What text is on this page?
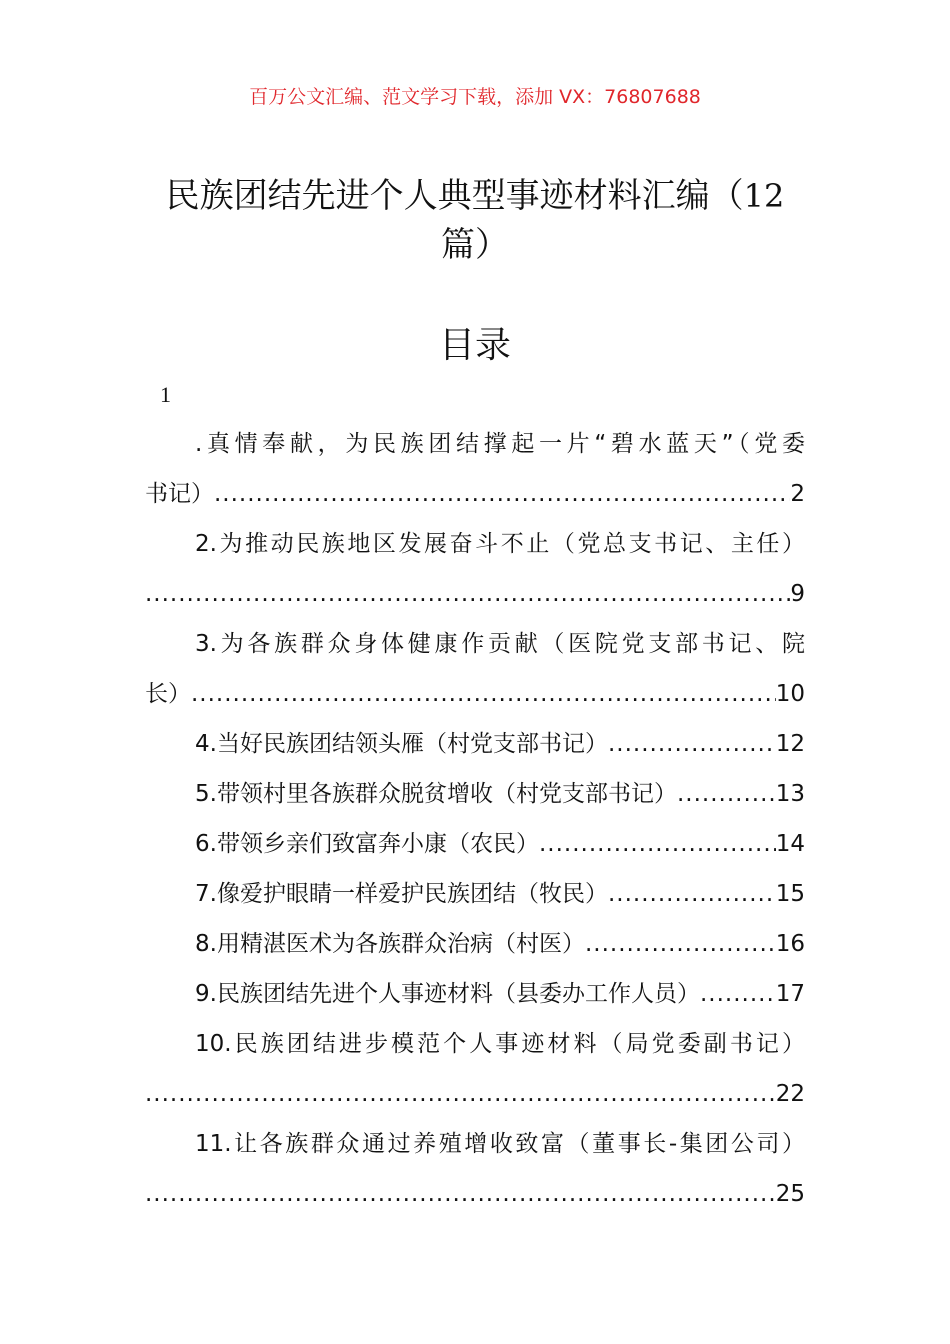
百万公文汇编、范文学习下载，添加 VX：76807688
民族团结先进个人典型事迹材料汇编（12
篇）
目录
1
.真情奉献，为民族团结撑起一片“碧水蓝天”（党委
书记） .....	2
2.为推动民族地区发展奋斗不止（党总支书记、主任）
.....
9
3.为各族群众身体健康作贡献（医院党支部书记、院
长） .....	10
4.当好民族团结领头雁（村党支部书记） .....	12
5.带领村里各族群众脱贫增收（村党支部书记） .....	13
6.带领乡亲们致富奔小康（农民） .....	14
7.像爱护眼睛一样爱护民族团结（牧民） .....	15
8.用精湛医术为各族群众治病（村医） .....	16
9.民族团结先进个人事迹材料（县委办工作人员） .....	17
10.民族团结进步模范个人事迹材料（局党委副书记）
.....
22
11.让各族群众通过养殖增收致富（董事长-集团公司）
.....
25
